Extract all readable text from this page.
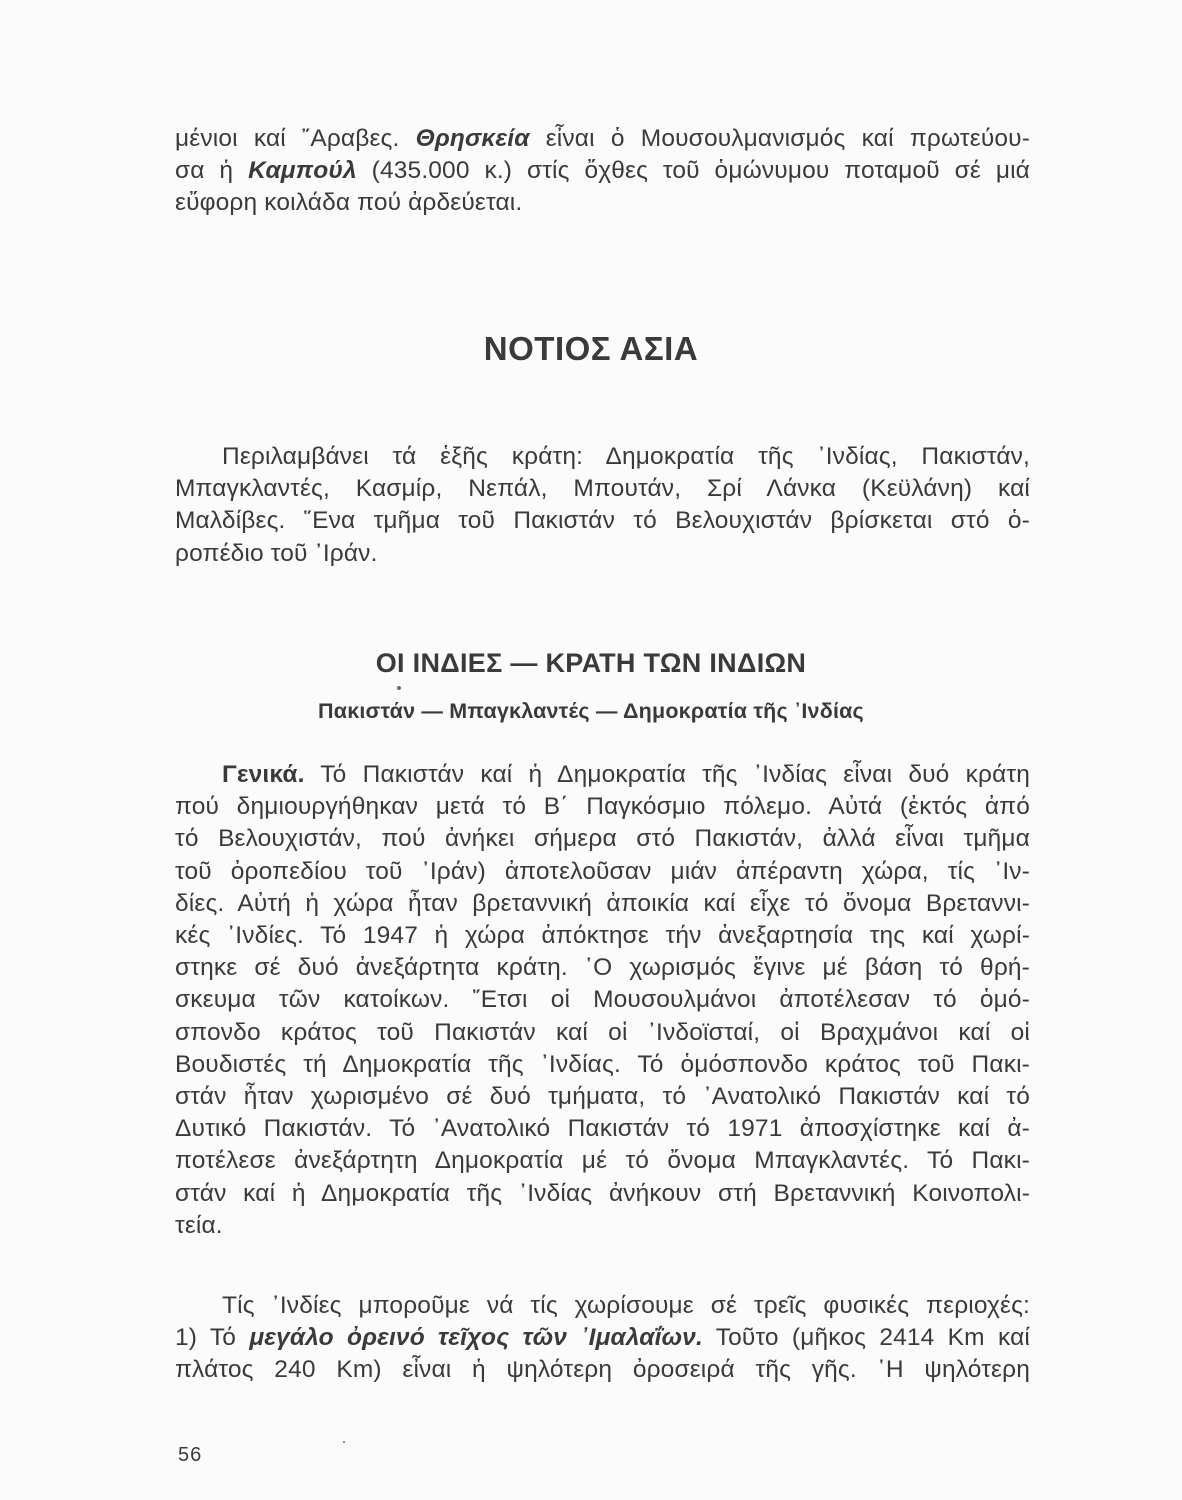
μένιοι καί ῎Αραβες. Θρησκεία εἶναι ὁ Μουσουλμανισμός καί πρωτεύου-
σα ἡ Καμπούλ (435.000 κ.) στίς ὄχθες τοῦ ὁμώνυμου ποταμοῦ σέ μιά
εὔφορη κοιλάδα πού ἀρδεύεται.

ΝΟΤΙΟΣ ΑΣΙΑ

Περιλαμβάνει τά ἑξῆς κράτη: Δημοκρατία τῆς ᾿Ινδίας, Πακιστάν,
Μπαγκλαντές, Κασμίρ, Νεπάλ, Μπουτάν, Σρί Λάνκα (Κεϋλάνη) καί
Μαλδίβες. ῞Ενα τμῆμα τοῦ Πακιστάν τό Βελουχιστάν βρίσκεται στό ὁ-
ροπέδιο τοῦ ᾿Ιράν.

ΟΙ ΙΝΔΙΕΣ — ΚΡΑΤΗ ΤΩΝ ΙΝΔΙΩΝ
Πακιστάν — Μπαγκλαντές — Δημοκρατία τῆς ᾿Ινδίας

Γενικά. Τό Πακιστάν καί ἡ Δημοκρατία τῆς ᾿Ινδίας εἶναι δυό κράτη
πού δημιουργήθηκαν μετά τό Β΄ Παγκόσμιο πόλεμο. Αὐτά (ἐκτός ἀπό
τό Βελουχιστάν, πού ἀνήκει σήμερα στό Πακιστάν, ἀλλά εἶναι τμῆμα
τοῦ ὀροπεδίου τοῦ ᾿Ιράν) ἀποτελοῦσαν μιάν ἀπέραντη χώρα, τίς ᾿Ιν-
δίες. Αὐτή ἡ χώρα ἦταν βρεταννική ἀποικία καί εἶχε τό ὄνομα Βρεταννι-
κές ᾿Ινδίες. Τό 1947 ἡ χώρα ἀπόκτησε τήν ἀνεξαρτησία της καί χωρί-
στηκε σέ δυό ἀνεξάρτητα κράτη. ῾Ο χωρισμός ἔγινε μέ βάση τό θρή-
σκευμα τῶν κατοίκων. ῎Ετσι οἱ Μουσουλμάνοι ἀποτέλεσαν τό ὁμό-
σπονδο κράτος τοῦ Πακιστάν καί οἱ ᾿Ινδοϊσταί, οἱ Βραχμάνοι καί οἱ
Βουδιστές τή Δημοκρατία τῆς ᾿Ινδίας. Τό ὁμόσπονδο κράτος τοῦ Πακι-
στάν ἦταν χωρισμένο σέ δυό τμήματα, τό ᾿Ανατολικό Πακιστάν καί τό
Δυτικό Πακιστάν. Τό ᾿Ανατολικό Πακιστάν τό 1971 ἀποσχίστηκε καί ἀ-
ποτέλεσε ἀνεξάρτητη Δημοκρατία μέ τό ὄνομα Μπαγκλαντές. Τό Πακι-
στάν καί ἡ Δημοκρατία τῆς ᾿Ινδίας ἀνήκουν στή Βρεταννική Κοινοπολι-
τεία.

Τίς ᾿Ινδίες μποροῦμε νά τίς χωρίσουμε σέ τρεῖς φυσικές περιοχές:
1) Τό μεγάλο ὀρεινό τεῖχος τῶν ᾿Ιμαλαΐων. Τοῦτο (μῆκος 2414 Km καί
πλάτος 240 Km) εἶναι ἡ ψηλότερη ὀροσειρά τῆς γῆς. ῾Η ψηλότερη

56
